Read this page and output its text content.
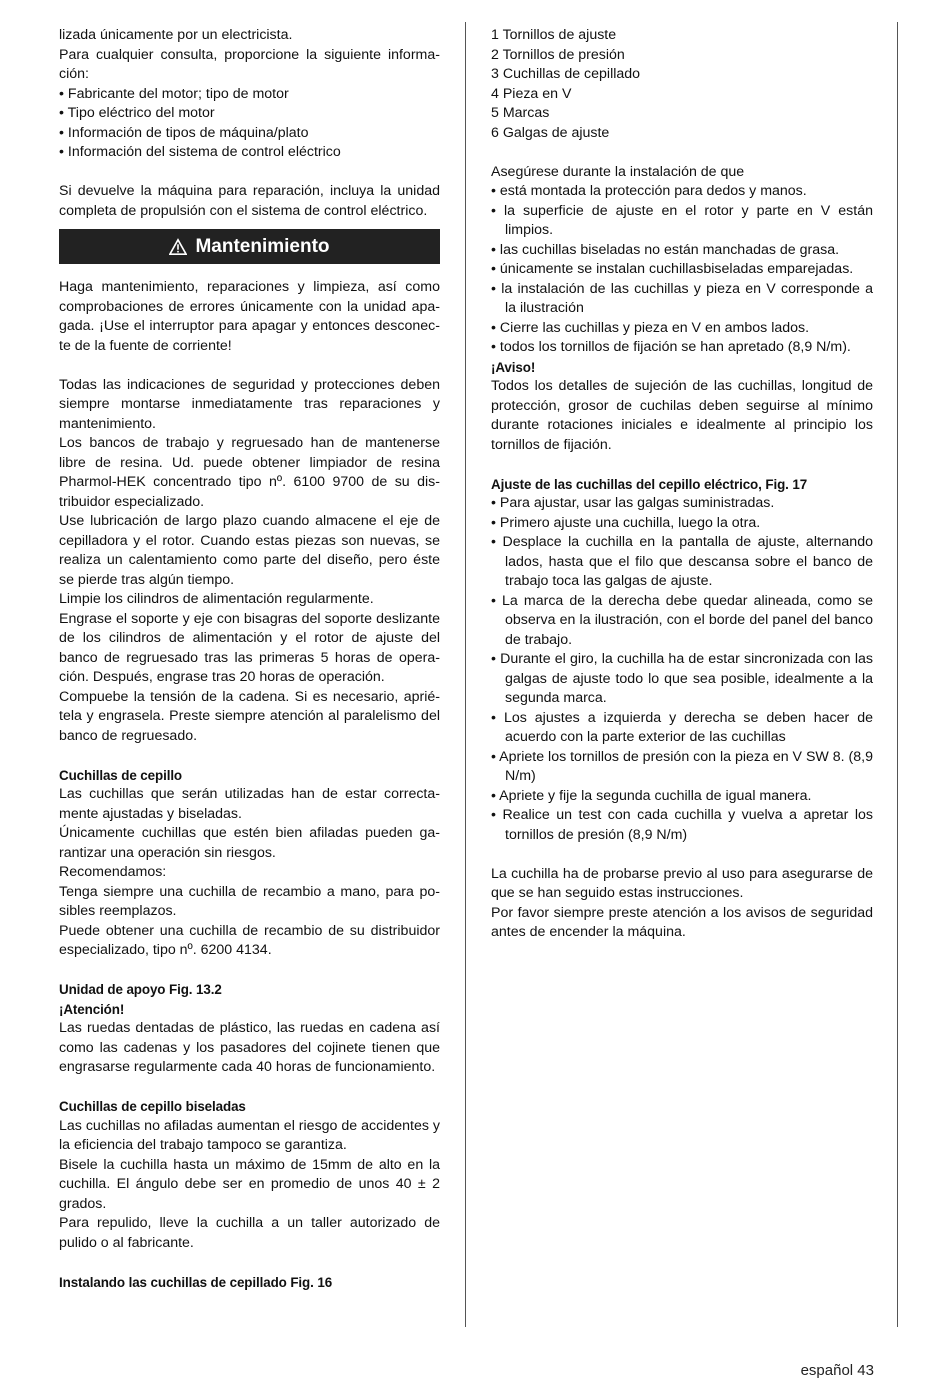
lizada únicamente por un electricista.

Para cualquier consulta, proporcione la siguiente información:

• Fabricante del motor; tipo de motor

• Tipo eléctrico del motor

• Información de tipos de máquina/plato

• Información del sistema de control eléctrico

Si devuelve la máquina para reparación, incluya la unidad completa de propulsión con el sistema de control eléctrico.

Mantenimiento

Haga mantenimiento, reparaciones y limpieza, así como comprobaciones de errores únicamente con la unidad apagada. ¡Use el interruptor para apagar y entonces desconecte de la fuente de corriente!

Todas las indicaciones de seguridad y protecciones deben siempre montarse inmediatamente tras reparaciones y mantenimiento.

Los bancos de trabajo y regruesado han de mantenerse libre de resina. Ud. puede obtener limpiador de resina Pharmol-HEK concentrado tipo nº. 6100 9700 de su distribuidor especializado.

Use lubricación de largo plazo cuando almacene el eje de cepilladora y el rotor. Cuando estas piezas son nuevas, se realiza un calentamiento como parte del diseño, pero éste se pierde tras algún tiempo.

Limpie los cilindros de alimentación regularmente.

Engrase el soporte y eje con bisagras del soporte deslizante de los cilindros de alimentación y el rotor de ajuste del banco de regruesado tras las primeras 5 horas de operación. Después, engrase tras 20 horas de operación.

Compuebe la tensión de la cadena. Si es necesario, apriétela y engrasela. Preste siempre atención al paralelismo del banco de regruesado.

Cuchillas de cepillo

Las cuchillas que serán utilizadas han de estar correctamente ajustadas y biseladas.

Únicamente cuchillas que estén bien afiladas pueden garantizar una operación sin riesgos.

Recomendamos:

Tenga siempre una cuchilla de recambio a mano, para posibles reemplazos.

Puede obtener una cuchilla de recambio de su distribuidor especializado, tipo nº. 6200 4134.

Unidad de apoyo Fig. 13.2

¡Atención!

Las ruedas dentadas de plástico, las ruedas en cadena así como las cadenas y los pasadores del cojinete tienen que engrasarse regularmente cada 40 horas de funcionamiento.

Cuchillas de cepillo biseladas

Las cuchillas no afiladas aumentan el riesgo de accidentes y la eficiencia del trabajo tampoco se garantiza.

Bisele la cuchilla hasta un máximo de 15mm de alto en la cuchilla. El ángulo debe ser en promedio de unos 40 ± 2 grados.

Para repulido, lleve la cuchilla a un taller autorizado de pulido o al fabricante.

Instalando las cuchillas de cepillado Fig. 16

1 Tornillos de ajuste

2 Tornillos de presión

3 Cuchillas de cepillado

4 Pieza en V

5 Marcas

6 Galgas de ajuste

Asegúrese durante la instalación de que

• está montada la protección para dedos y manos.

• la superficie de ajuste en el rotor y parte en V están limpios.

• las cuchillas biseladas no están manchadas de grasa.

• únicamente se instalan cuchillasbiseladas emparejadas.

• la instalación de las cuchillas y pieza en V corresponde a la ilustración

• Cierre las cuchillas y pieza en V en ambos lados.

• todos los tornillos de fijación se han apretado (8,9 N/m).

¡Aviso!

Todos los detalles de sujeción de las cuchillas, longitud de protección, grosor de cuchilas deben seguirse al mínimo durante rotaciones iniciales e idealmente al principio los tornillos de fijación.

Ajuste de las cuchillas del cepillo eléctrico, Fig. 17

• Para ajustar, usar las galgas suministradas.

• Primero ajuste una cuchilla, luego la otra.

• Desplace la cuchilla en la pantalla de ajuste, alternando lados, hasta que el filo que descansa sobre el banco de trabajo toca las galgas de ajuste.

• La marca de la derecha debe quedar alineada, como se observa en la ilustración, con el borde del panel del banco de trabajo.

• Durante el giro, la cuchilla ha de estar sincronizada con las galgas de ajuste todo lo que sea posible, idealmente a la segunda marca.

• Los ajustes a izquierda y derecha se deben hacer de acuerdo con la parte exterior de las cuchillas

• Apriete los tornillos de presión con la pieza en V SW 8. (8,9 N/m)

• Apriete y fije la segunda cuchilla de igual manera.

• Realice un test con cada cuchilla y vuelva a apretar los tornillos de presión (8,9 N/m)

La cuchilla ha de probarse previo al uso para asegurarse de que se han seguido estas instrucciones.

Por favor siempre preste atención a los avisos de seguridad antes de encender la máquina.

español 43
